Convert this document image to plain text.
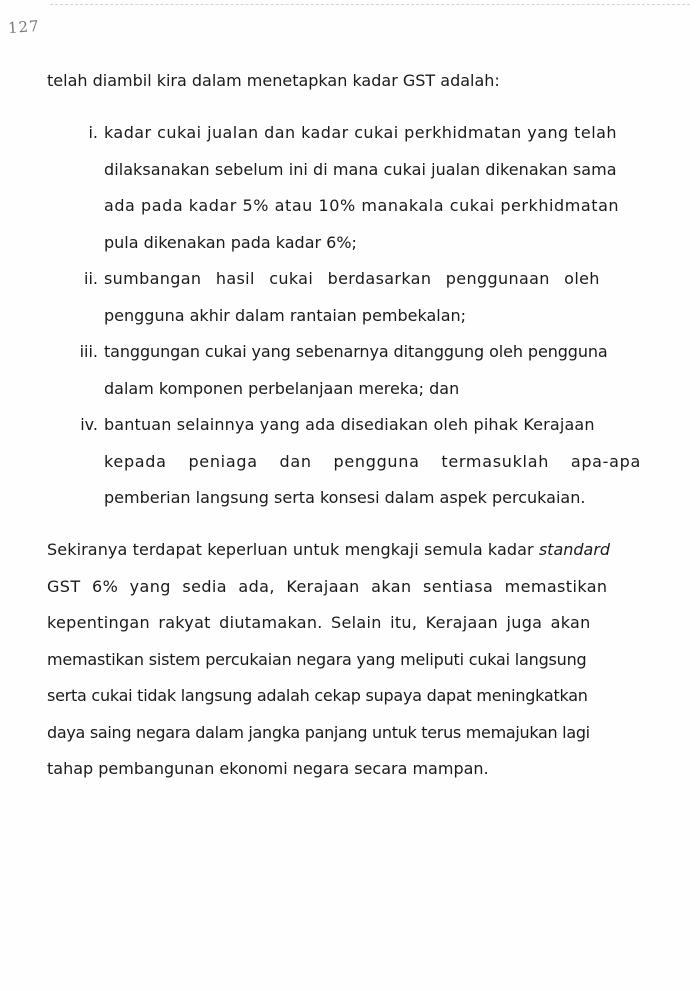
127
telah diambil kira dalam menetapkan kadar GST adalah:
i. kadar cukai jualan dan kadar cukai perkhidmatan yang telah
dilaksanakan sebelum ini di mana cukai jualan dikenakan sama
ada pada kadar 5% atau 10% manakala cukai perkhidmatan
pula dikenakan pada kadar 6%;
ii. sumbangan hasil cukai berdasarkan penggunaan oleh
pengguna akhir dalam rantaian pembekalan;
iii. tanggungan cukai yang sebenarnya ditanggung oleh pengguna
dalam komponen perbelanjaan mereka; dan
iv. bantuan selainnya yang ada disediakan oleh pihak Kerajaan
kepada peniaga dan pengguna termasuklah apa-apa
pemberian langsung serta konsesi dalam aspek percukaian.
Sekiranya terdapat keperluan untuk mengkaji semula kadar standard
GST 6% yang sedia ada, Kerajaan akan sentiasa memastikan
kepentingan rakyat diutamakan. Selain itu, Kerajaan juga akan
memastikan sistem percukaian negara yang meliputi cukai langsung
serta cukai tidak langsung adalah cekap supaya dapat meningkatkan
daya saing negara dalam jangka panjang untuk terus memajukan lagi
tahap pembangunan ekonomi negara secara mampan.
